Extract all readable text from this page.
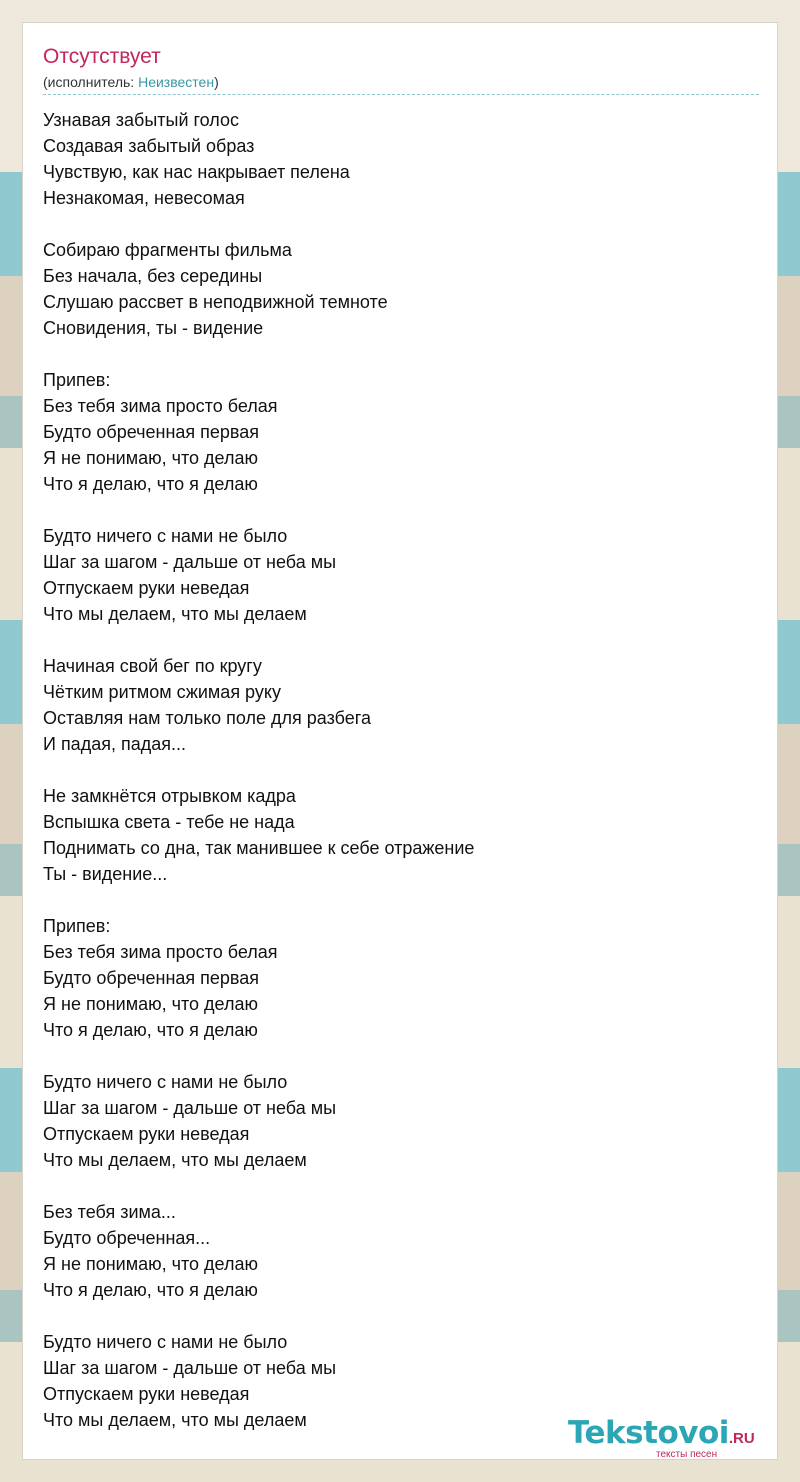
Отсутствует
(исполнитель: Неизвестен)
Узнавая забытый голос
Создавая забытый образ
Чувствую, как нас накрывает пелена
Незнакомая, невесомая
Собираю фрагменты фильма
Без начала, без середины
Слушаю рассвет в неподвижной темноте
Сновидения, ты - видение
Припев:
Без тебя зима просто белая
Будто обреченная первая
Я не понимаю, что делаю
Что я делаю, что я делаю
Будто ничего с нами не было
Шаг за шагом - дальше от неба мы
Отпускаем руки неведая
Что мы делаем, что мы делаем
Начиная свой бег по кругу
Чётким ритмом сжимая руку
Оставляя нам только поле для разбега
И падая, падая...
Не замкнётся отрывком кадра
Вспышка света - тебе не нада
Поднимать со дна, так манившее к себе отражение
Ты - видение...
Припев:
Без тебя зима просто белая
Будто обреченная первая
Я не понимаю, что делаю
Что я делаю, что я делаю
Будто ничего с нами не было
Шаг за шагом - дальше от неба мы
Отпускаем руки неведая
Что мы делаем, что мы делаем
Без тебя зима...
Будто обреченная...
Я не понимаю, что делаю
Что я делаю, что я делаю
Будто ничего с нами не было
Шаг за шагом - дальше от неба мы
Отпускаем руки неведая
Что мы делаем, что мы делаем	Tekstovoi.RU
тексты песен
